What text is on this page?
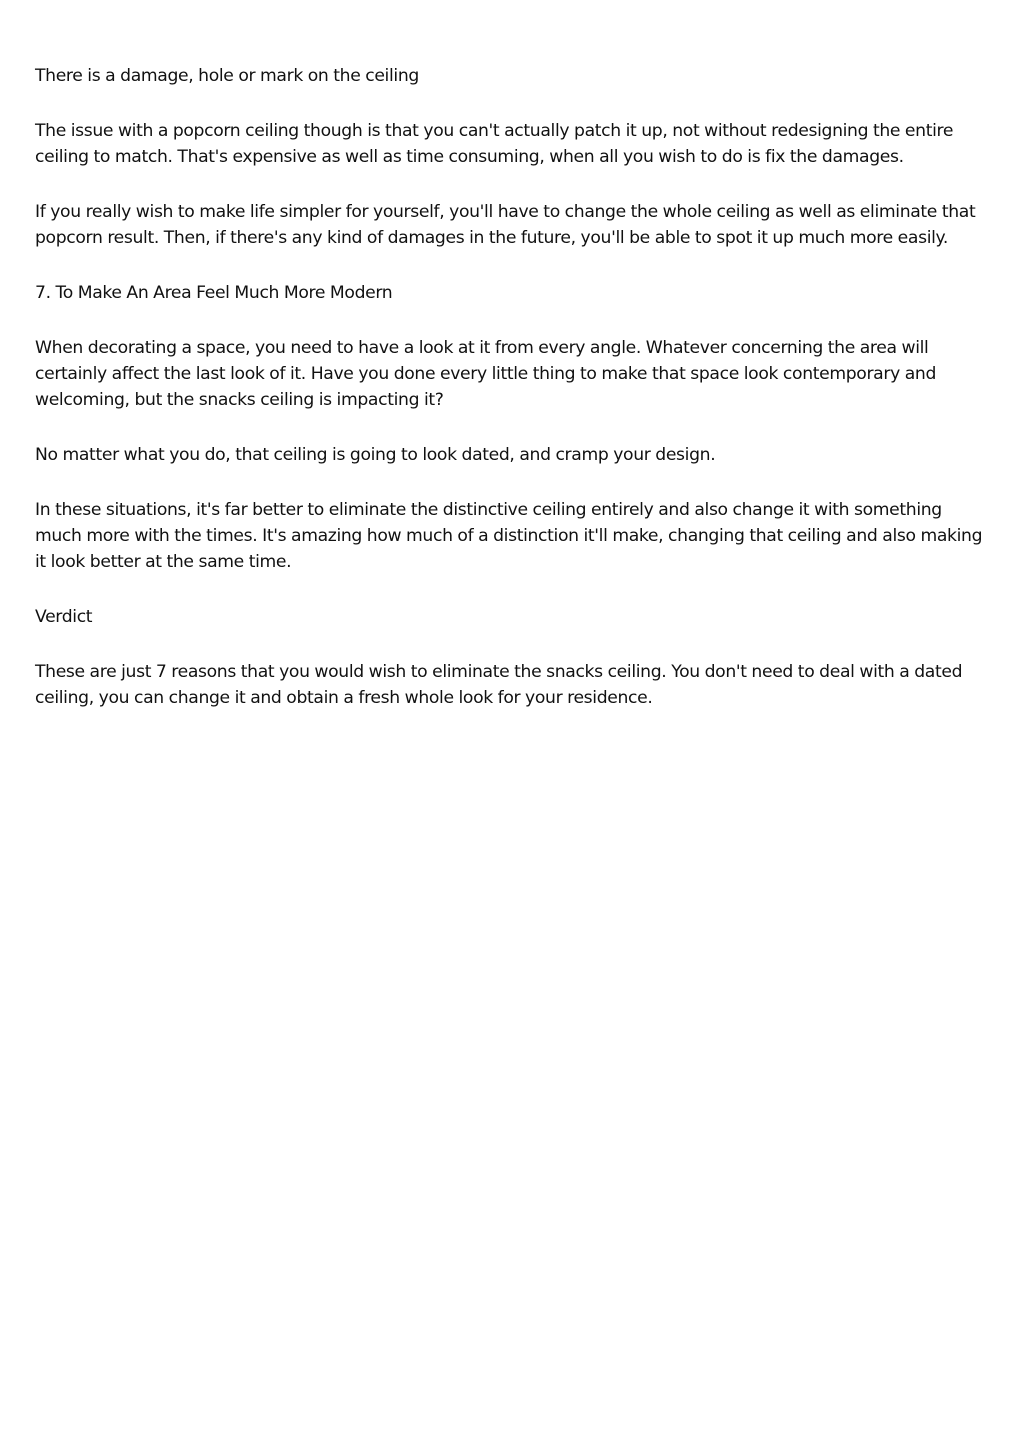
There is a damage, hole or mark on the ceiling

The issue with a popcorn ceiling though is that you can't actually patch it up, not without redesigning the entire ceiling to match. That's expensive as well as time consuming, when all you wish to do is fix the damages.

If you really wish to make life simpler for yourself, you'll have to change the whole ceiling as well as eliminate that popcorn result. Then, if there's any kind of damages in the future, you'll be able to spot it up much more easily.

7. To Make An Area Feel Much More Modern

When decorating a space, you need to have a look at it from every angle. Whatever concerning the area will certainly affect the last look of it. Have you done every little thing to make that space look contemporary and welcoming, but the snacks ceiling is impacting it?

No matter what you do, that ceiling is going to look dated, and cramp your design.

In these situations, it's far better to eliminate the distinctive ceiling entirely and also change it with something much more with the times. It's amazing how much of a distinction it'll make, changing that ceiling and also making it look better at the same time.

Verdict

These are just 7 reasons that you would wish to eliminate the snacks ceiling. You don't need to deal with a dated ceiling, you can change it and obtain a fresh whole look for your residence.
